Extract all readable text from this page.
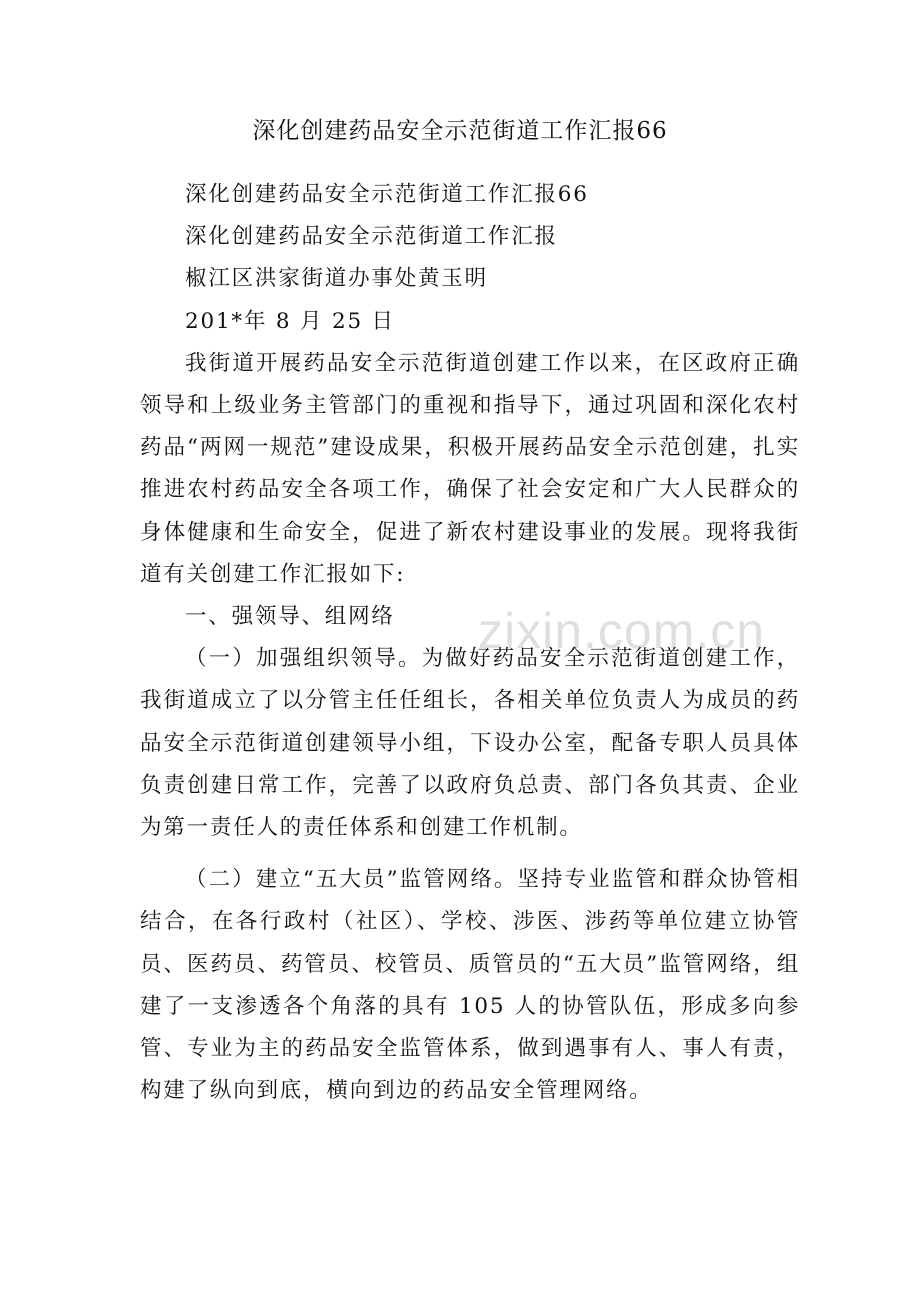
深化创建药品安全示范街道工作汇报66

深化创建药品安全示范街道工作汇报66

深化创建药品安全示范街道工作汇报

椒江区洪家街道办事处黄玉明

201*年 8 月 25 日

我街道开展药品安全示范街道创建工作以来，在区政府正确领导和上级业务主管部门的重视和指导下，通过巩固和深化农村药品“两网一规范”建设成果，积极开展药品安全示范创建，扎实推进农村药品安全各项工作，确保了社会安定和广大人民群众的身体健康和生命安全，促进了新农村建设事业的发展。现将我街道有关创建工作汇报如下:

一、强领导、组网络

（一）加强组织领导。为做好药品安全示范街道创建工作，我街道成立了以分管主任任组长，各相关单位负责人为成员的药品安全示范街道创建领导小组，下设办公室，配备专职人员具体负责创建日常工作，完善了以政府负总责、部门各负其责、企业为第一责任人的责任体系和创建工作机制。

（二）建立“五大员”监管网络。坚持专业监管和群众协管相结合，在各行政村（社区）、学校、涉医、涉药等单位建立协管员、医药员、药管员、校管员、质管员的“五大员”监管网络，组建了一支渗透各个角落的具有 105 人的协管队伍，形成多向参管、专业为主的药品安全监管体系，做到遇事有人、事人有责，构建了纵向到底，横向到边的药品安全管理网络。

zixin.com.cn
